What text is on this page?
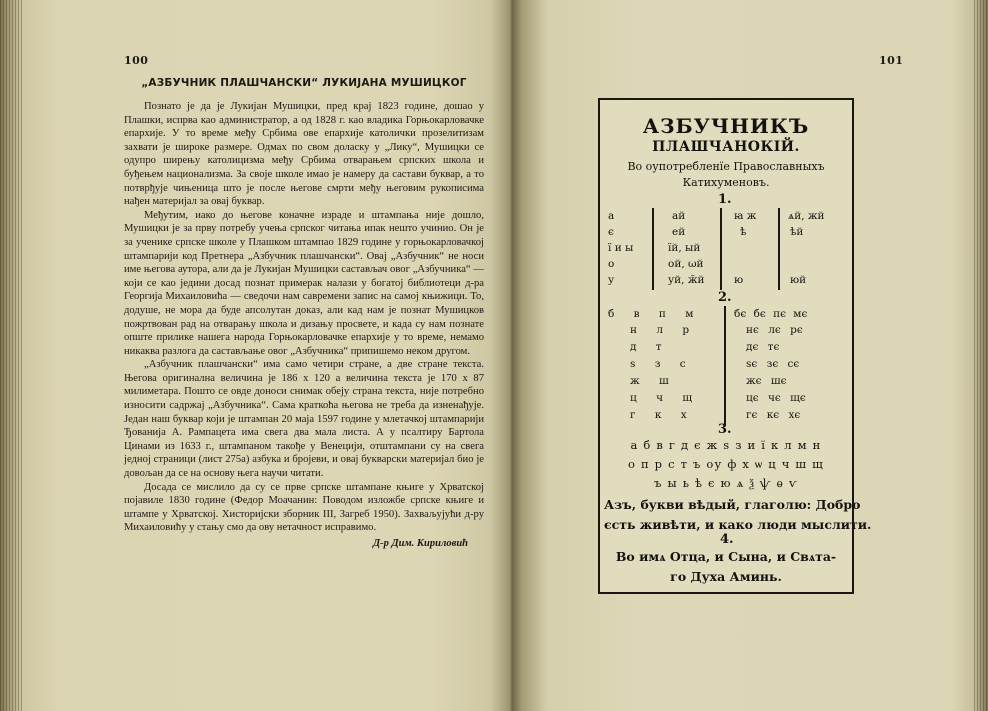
100
„АЗБУЧНИК ПЛАШЧАНСКИ“ ЛУКИЈАНА МУШИЦКОГ

Познато је да је Лукијан Мушицки, пред крај 1823 године, дошао у Плашки, испрва као администратор, а од 1828 г. као владика Горњокарловачке епархије. У то време међу Србима ове епархије католички прозелитизам захвати је широке размере. Одмах по свом доласку у „Лику“, Мушицки се одупро ширењу католицизма међу Србима отварањем српских школа и буђењем национализма. За своје школе имао је намеру да састави буквар, а то потврђује чињеница што је после његове смрти међу његовим рукописима нађен материјал за овај буквар.

Међутим, иако до његове коначне израде и штампања није дошло, Мушицки је за прву потребу учења српског читања ипак нешто учинио. Он је за ученике српске школе у Плашком штампао 1829 године у горњокарловачкој штампарији код Претнера „Азбучник плашчански“. Овај „Азбучник“ не носи име његова аутора, али да је Лукијан Мушицки састављач овог „Азбучника“ — који се као једини досад познат примерак налази у богатој библиотеци д-ра Георгија Михаиловића — сведочи нам савремени запис на самој књижици. То, додуше, не мора да буде апсолутан доказ, али кад нам је познат Мушицков пожртвован рад на отварању школа и дизању просвете, и када су нам познате опште прилике нашега народа Горњокарловачке епархије у то време, немамо никаква разлога да састављање овог „Азбучника“ припишемо неком другом.

„Азбучник плашчански“ има само четири стране, а две стране текста. Његова оригинална величина је 186 х 120 а величина текста је 170 х 87 милиметара. Пошто се овде доноси снимак обеју страна текста, није потребно износити садржај „Азбучника“. Сама краткоћа његова не треба да изненађује. Један наш буквар који је штампан 20 маја 1597 године у млетачкој штампарији Ђованија А. Рампацета има свега два мала листа. А у псалтиру Бартола Цинами из 1633 г., штампаном такође у Венецији, отштампани су на свега једној страници (лист 275а) азбука и бројеви, и овај букварски материјал био је довољан да се на основу њега научи читати.

Досада се мислило да су се прве српске штампане књиге у Хрватској појавиле 1830 године (Федор Моачанин: Поводом изложбе српске књиге и штампе у Хрватској. Хисторијски зборник III, Загреб 1950). Захваљујући д-ру Михаиловићу у стању смо да ову нетачност исправимо.

Д-р Дим. Кириловић
101
АЗБУЧНИКЪ
ПЛАШЧАНОКІЙ.
Во оупотребленїе Православныхъ
Катихуменовъ.
1.
а
є
ї и ы
о
у
ай
ей
їй, ый
ой, ωй
уй, ӂй
ꙗ ж
ѣ
ю
ѧй, жй
ѣй
юй
2.
б в п м
н л р
д т
ѕ з с
ж ш
ц ч щ
г к х
бє бє пє мє
нє лє рє
дє тє
ѕє зє сє
жє шє
цє чє щє
гє кє хє
3.
а б в г д є ж ѕ з и ї к л м н
о п р с т ъ оу ф х ѡ ц ч ш щ
ъ ы ь ѣ є ю ѧ ѯ ѱ ѳ ѵ
Азъ, букви вѣдый, глаголю: Добро
єсть живѣти, и како люди мыслити.
4.
Во имѧ Отца, и Сына, и Свѧта-
го Духа Аминь.
